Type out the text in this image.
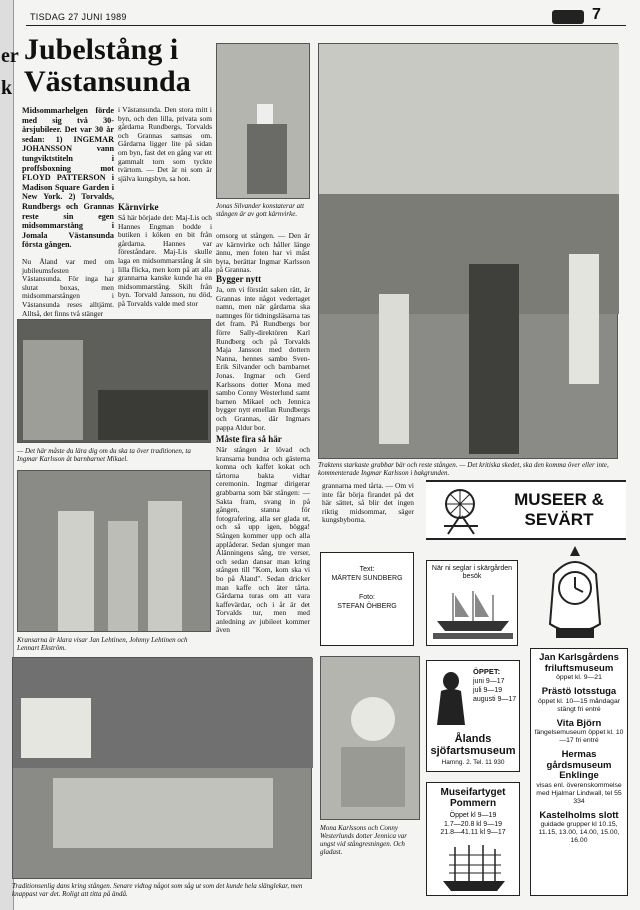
er k
TISDAG 27 JUNI 1989	7
Jubelstång i Västansunda
Midsommarhelgen förde med sig två 30-årsjubileer. Det var 30 år sedan: 1) INGEMAR JOHANSSON vann tungviktstiteln i proffsboxning mot FLOYD PATTERSON i Madison Square Garden i New York. 2) Torvalds, Rundbergs och Grannas reste sin egen midsommarstång i Jomala Västansunda första gången.
Nu Åland var med om jubileumsfesten i Västansunda. För inga har slutat boxas, men midsommarstången i Västansunda reses alltjämt. Alltså, det finns två stänger
i Västansunda. Den stora mitt i byn, och den lilla, privata som gårdarna Rundbergs, Torvalds och Grannas samsas om. Gårdarna ligger lite på sidan om byn, fast det en gång var ett gammalt torn som tyckte tvärtom. — Det är ni som är själva kungsbyn, sa hon.
Kärnvirke
Så här började det: Maj-Lis och Hannes Engman bodde i butiken i köken en bit från gårdarna. Hannes var föreståndare. Maj-Lis skulle laga en midsommarstång åt sin lilla flicka, men kom på att alla grannarna kanske kunde ha en midsommarstång. Skilt från byn. Torvald Jansson, nu död, på Torvalds valde med stor
Jonas Silvander konstaterar att stången är av gott kärnvirke.
omsorg ut stången. — Den är av kärnvirke och håller länge ännu, men foten har vi måst byta, berättar Ingmar Karlsson på Grannas.
Bygger nytt
Ja, om vi förstått saken rätt, är Grannas inte något vedertaget namn, men när gårdarna ska namnges för tidningsläsarna tas det fram. På Rundbergs bor förre Sally-direktören Karl Rundberg och på Torvalds Maja Jansson med dottern Nanna, hennes sambo Sven-Erik Silvander och barnbarnet Jonas. Ingmar och Gerd Karlssons dotter Mona med sambo Conny Westerlund samt barnen Mikael och Jennica bygger nytt emellan Rundbergs och Grannas, där Ingmars pappa Aldur bor.
Måste fira så här
När stången är lövad och kransarna bundna och gästerna komna och kaffet kokat och tårtorna bakta vidtar ceremonin. Ingmar dirigerar grabbarna som bär stången: — Sakta fram, svang in på gången, stanna för fotografering, alla ser glada ut, och så upp igen, bögga! Stången kommer upp och alla applåderar. Sedan sjunger man Ålänningens sång, tre verser, och sedan dansar man kring stången till "Kom, kom ska vi bo på Åland". Sedan dricker man kaffe och äter tårta. Gårdarna turas om att vara kaffevärdar, och i år är det Torvalds tur, men med anledning av jubileet kommer även
Traktens starkaste grabbar bär och reste stången. — Det kritiska skedet, ska den komma över eller inte, kommenterade Ingmar Karlsson i bakgrunden.
— Det här måste du lära dig om du ska ta över traditionen, ta Ingmar Karlsson åt barnbarnet Mikael.
Kransarna är klara visar Jan Lehtinen, Johnny Lehtinen och Lennart Ekström.
Traditionsenlig dans kring stången. Senare vidtog något som såg ut som det kunde hela slänglekar, men knappast var det. Roligt att titta på ändå.
grannarna med tårta. — Om vi inte får börja firandet på det här sättet, så blir det ingen riktig midsommar, säger kungsbyborna.
Text:
MÄRTEN SUNDBERG
Foto:
STEFAN ÖHBERG
Mona Karlssons och Conny Westerlunds dotter Jennica var ungst vid stångresningen. Och gladast.
MUSEER & SEVÄRT
När ni seglar i skärgården besök
ÖPPET:
juni 9—17
juli 9—19
augusti 9—17
Ålands sjöfartsmuseum
Hamng. 2. Tel. 11 930
Museifartyget Pommern
Öppet kl 9—19
1.7—20.8 kl 9—19
21.8—41.11 kl 9—17
Jan Karlsgårdens friluftsmuseum
öppet kl. 9—21
Prästö lotsstuga
öppet kl. 10—15 måndagar stängt fri entré
Vita Björn
fängelsemuseum öppet kl. 10—17 fri entré
Hermas gårdsmuseum Enklinge
visas enl. överenskommelse med Hjalmar Lindwall, tel 55 334
Kastelholms slott
guidade grupper kl 10.15, 11.15, 13.00, 14.00, 15.00, 16.00
